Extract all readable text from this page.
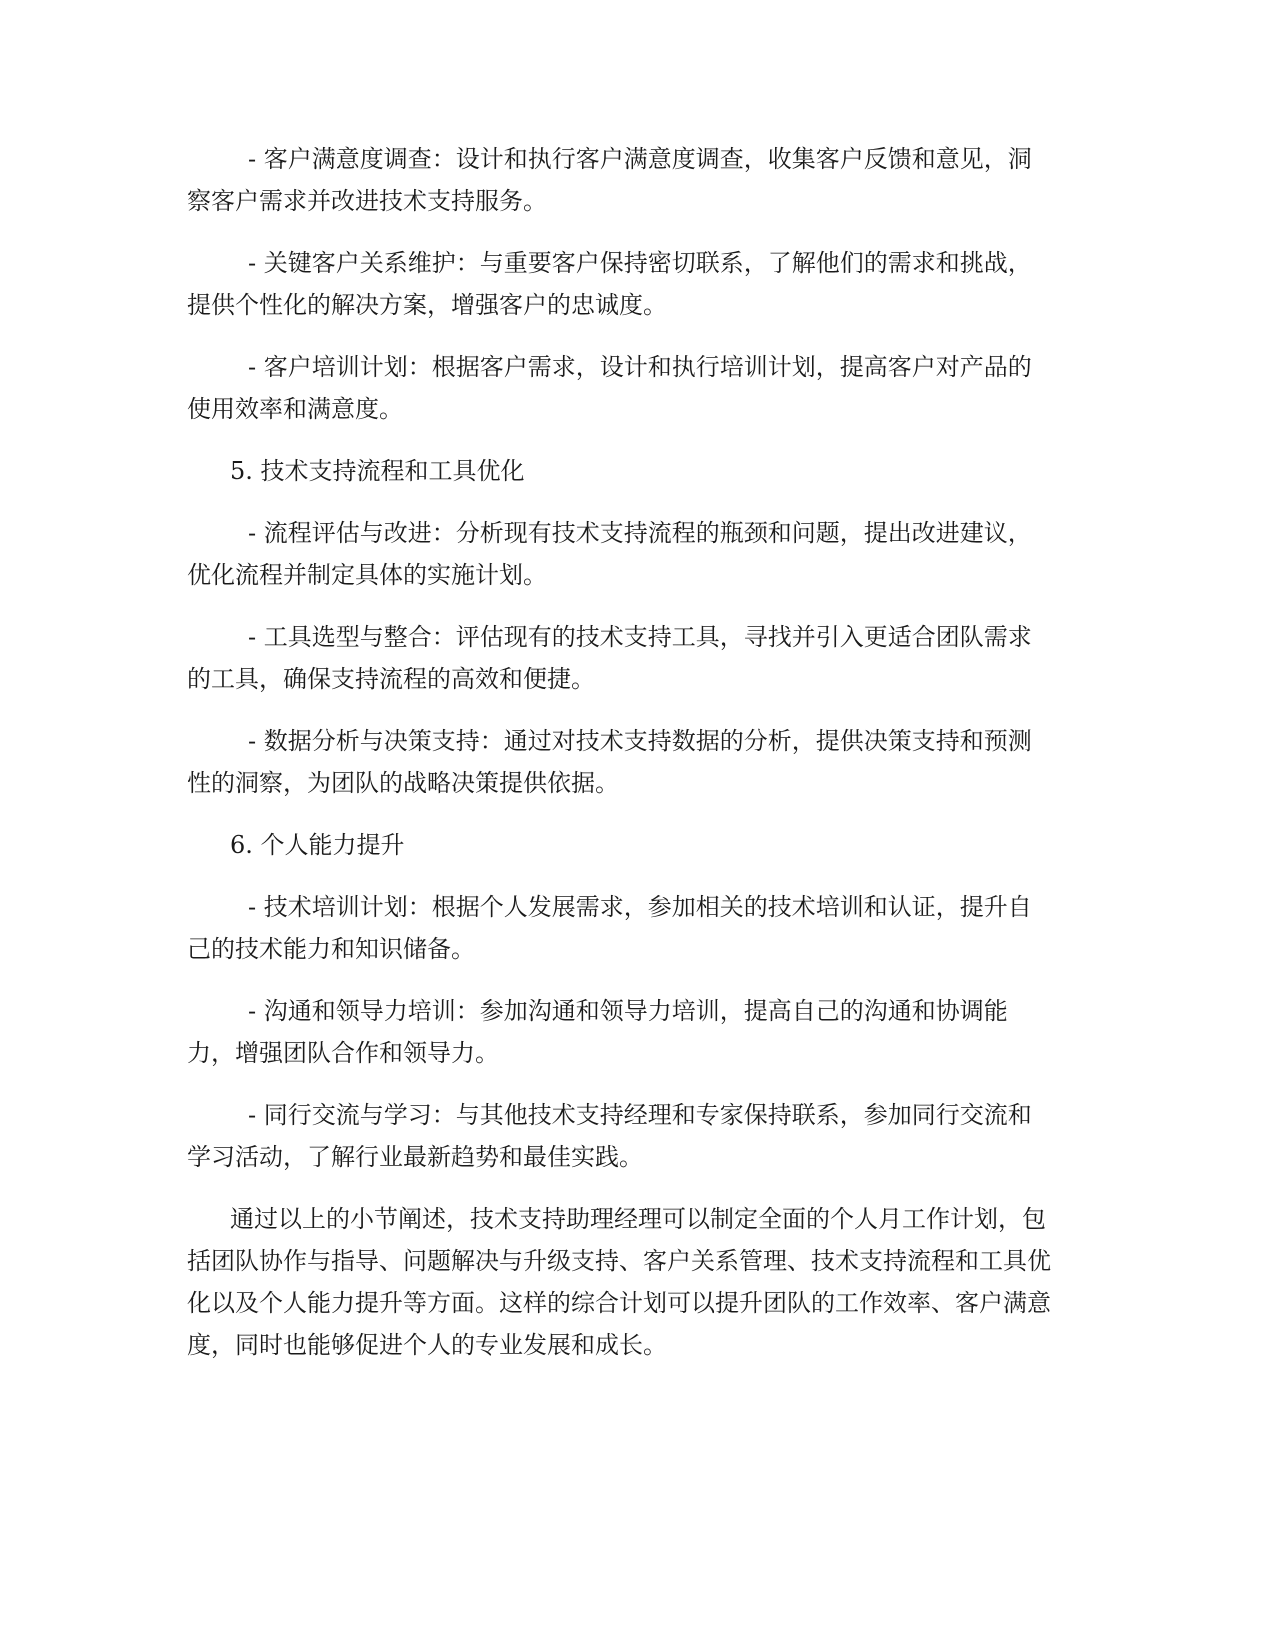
- 客户满意度调查：设计和执行客户满意度调查，收集客户反馈和意见，洞

察客户需求并改进技术支持服务。

- 关键客户关系维护：与重要客户保持密切联系，了解他们的需求和挑战，

提供个性化的解决方案，增强客户的忠诚度。

- 客户培训计划：根据客户需求，设计和执行培训计划，提高客户对产品的

使用效率和满意度。

5. 技术支持流程和工具优化

- 流程评估与改进：分析现有技术支持流程的瓶颈和问题，提出改进建议，

优化流程并制定具体的实施计划。

- 工具选型与整合：评估现有的技术支持工具，寻找并引入更适合团队需求

的工具，确保支持流程的高效和便捷。

- 数据分析与决策支持：通过对技术支持数据的分析，提供决策支持和预测

性的洞察，为团队的战略决策提供依据。

6. 个人能力提升

- 技术培训计划：根据个人发展需求，参加相关的技术培训和认证，提升自

己的技术能力和知识储备。

- 沟通和领导力培训：参加沟通和领导力培训，提高自己的沟通和协调能

力，增强团队合作和领导力。

- 同行交流与学习：与其他技术支持经理和专家保持联系，参加同行交流和

学习活动，了解行业最新趋势和最佳实践。

通过以上的小节阐述，技术支持助理经理可以制定全面的个人月工作计划，包

括团队协作与指导、问题解决与升级支持、客户关系管理、技术支持流程和工具优

化以及个人能力提升等方面。这样的综合计划可以提升团队的工作效率、客户满意

度，同时也能够促进个人的专业发展和成长。
